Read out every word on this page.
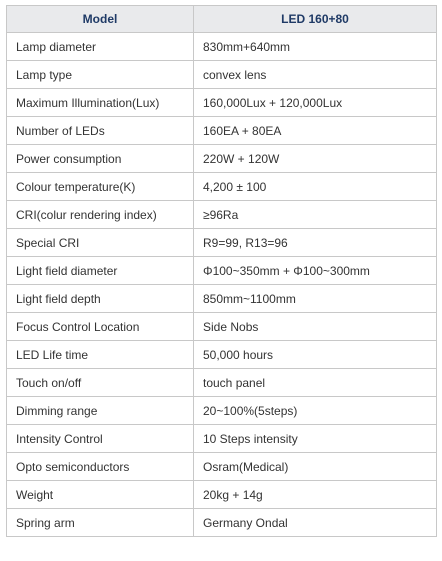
Model	LED 160+80
Lamp diameter	830mm+640mm
Lamp type	convex lens
Maximum Illumination(Lux)	160,000Lux + 120,000Lux
Number of LEDs	160EA + 80EA
Power consumption	220W + 120W
Colour temperature(K)	4,200 ± 100
CRI(colur rendering index)	≥96Ra
Special CRI	R9=99, R13=96
Light field diameter	Φ100~350mm + Φ100~300mm
Light field depth	850mm~1100mm
Focus Control Location	Side Nobs
LED Life time	50,000 hours
Touch on/off	touch panel
Dimming range	20~100%(5steps)
Intensity Control	10 Steps intensity
Opto semiconductors	Osram(Medical)
Weight	20kg + 14g
Spring arm	Germany Ondal
